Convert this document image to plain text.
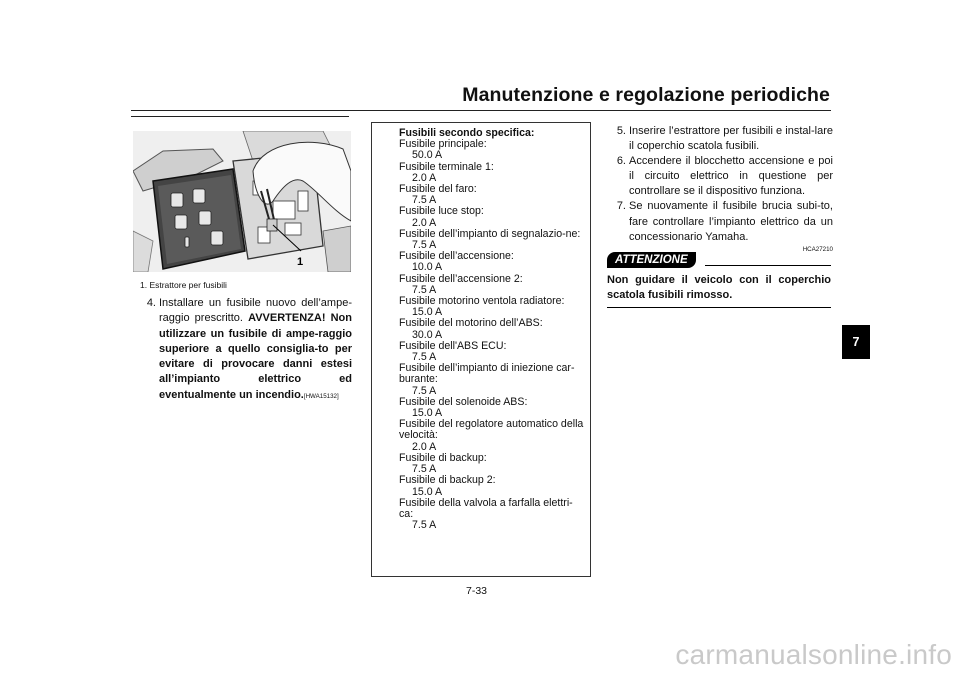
Manutenzione e regolazione periodiche
7
1
1. Estrattore per fusibili
4. Installare un fusibile nuovo dell’ampe-raggio prescritto. AVVERTENZA! Non utilizzare un fusibile di ampe-raggio superiore a quello consiglia-to per evitare di provocare danni estesi all’impianto elettrico ed eventualmente un incendio.[HWA15132]
Fusibili secondo specifica:
Fusibile principale:
50.0 A
Fusibile terminale 1:
2.0 A
Fusibile del faro:
7.5 A
Fusibile luce stop:
2.0 A
Fusibile dell’impianto di segnalazio-ne:
7.5 A
Fusibile dell’accensione:
10.0 A
Fusibile dell’accensione 2:
7.5 A
Fusibile motorino ventola radiatore:
15.0 A
Fusibile del motorino dell’ABS:
30.0 A
Fusibile dell'ABS ECU:
7.5 A
Fusibile dell’impianto di iniezione car-burante:
7.5 A
Fusibile del solenoide ABS:
15.0 A
Fusibile del regolatore automatico della velocità:
2.0 A
Fusibile di backup:
7.5 A
Fusibile di backup 2:
15.0 A
Fusibile della valvola a farfalla elettri-ca:
7.5 A
5. Inserire l’estrattore per fusibili e instal-lare il coperchio scatola fusibili.
6. Accendere il blocchetto accensione e poi il circuito elettrico in questione per controllare se il dispositivo funziona.
7. Se nuovamente il fusibile brucia subi-to, fare controllare l’impianto elettrico da un concessionario Yamaha.
HCA27210
ATTENZIONE
Non guidare il veicolo con il coperchio scatola fusibili rimosso.
7-33
carmanualsonline.info
